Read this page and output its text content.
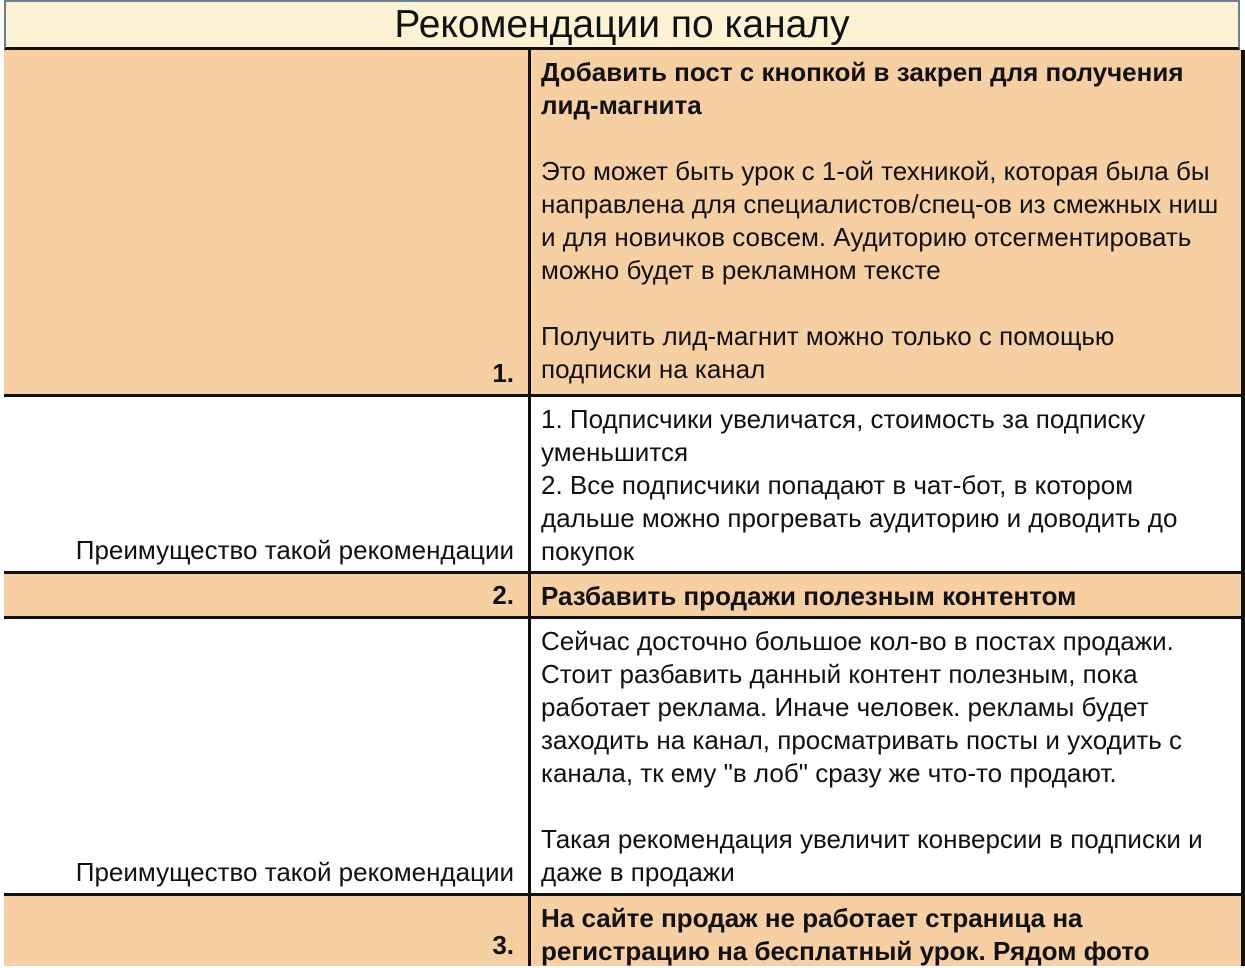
Рекомендации по каналу
1.

Добавить пост с кнопкой в закреп для получения лид-магнита

Это может быть урок с 1-ой техникой, которая была бы направлена для специалистов/спец-ов из смежных ниш и для новичков совсем. Аудиторию отсегментировать можно будет в рекламном тексте

Получить лид-магнит можно только с помощью подписки на канал

Преимущество такой рекомендации

1. Подписчики увеличатся, стоимость за подписку уменьшится

2. Все подписчики попадают в чат-бот, в котором дальше можно прогревать аудиторию и доводить до покупок

2.	Разбавить продажи полезным контентом

Преимущество такой рекомендации

Сейчас досточно большое кол-во в постах продажи. Стоит разбавить данный контент полезным, пока работает реклама. Иначе человек. рекламы будет заходить на канал, просматривать посты и уходить с канала, тк ему "в лоб" сразу же что-то продают.

Такая рекомендация увеличит конверсии в подписки и даже в продажи

3.

На сайте продаж не работает страница на регистрацию на бесплатный урок. Рядом фото
